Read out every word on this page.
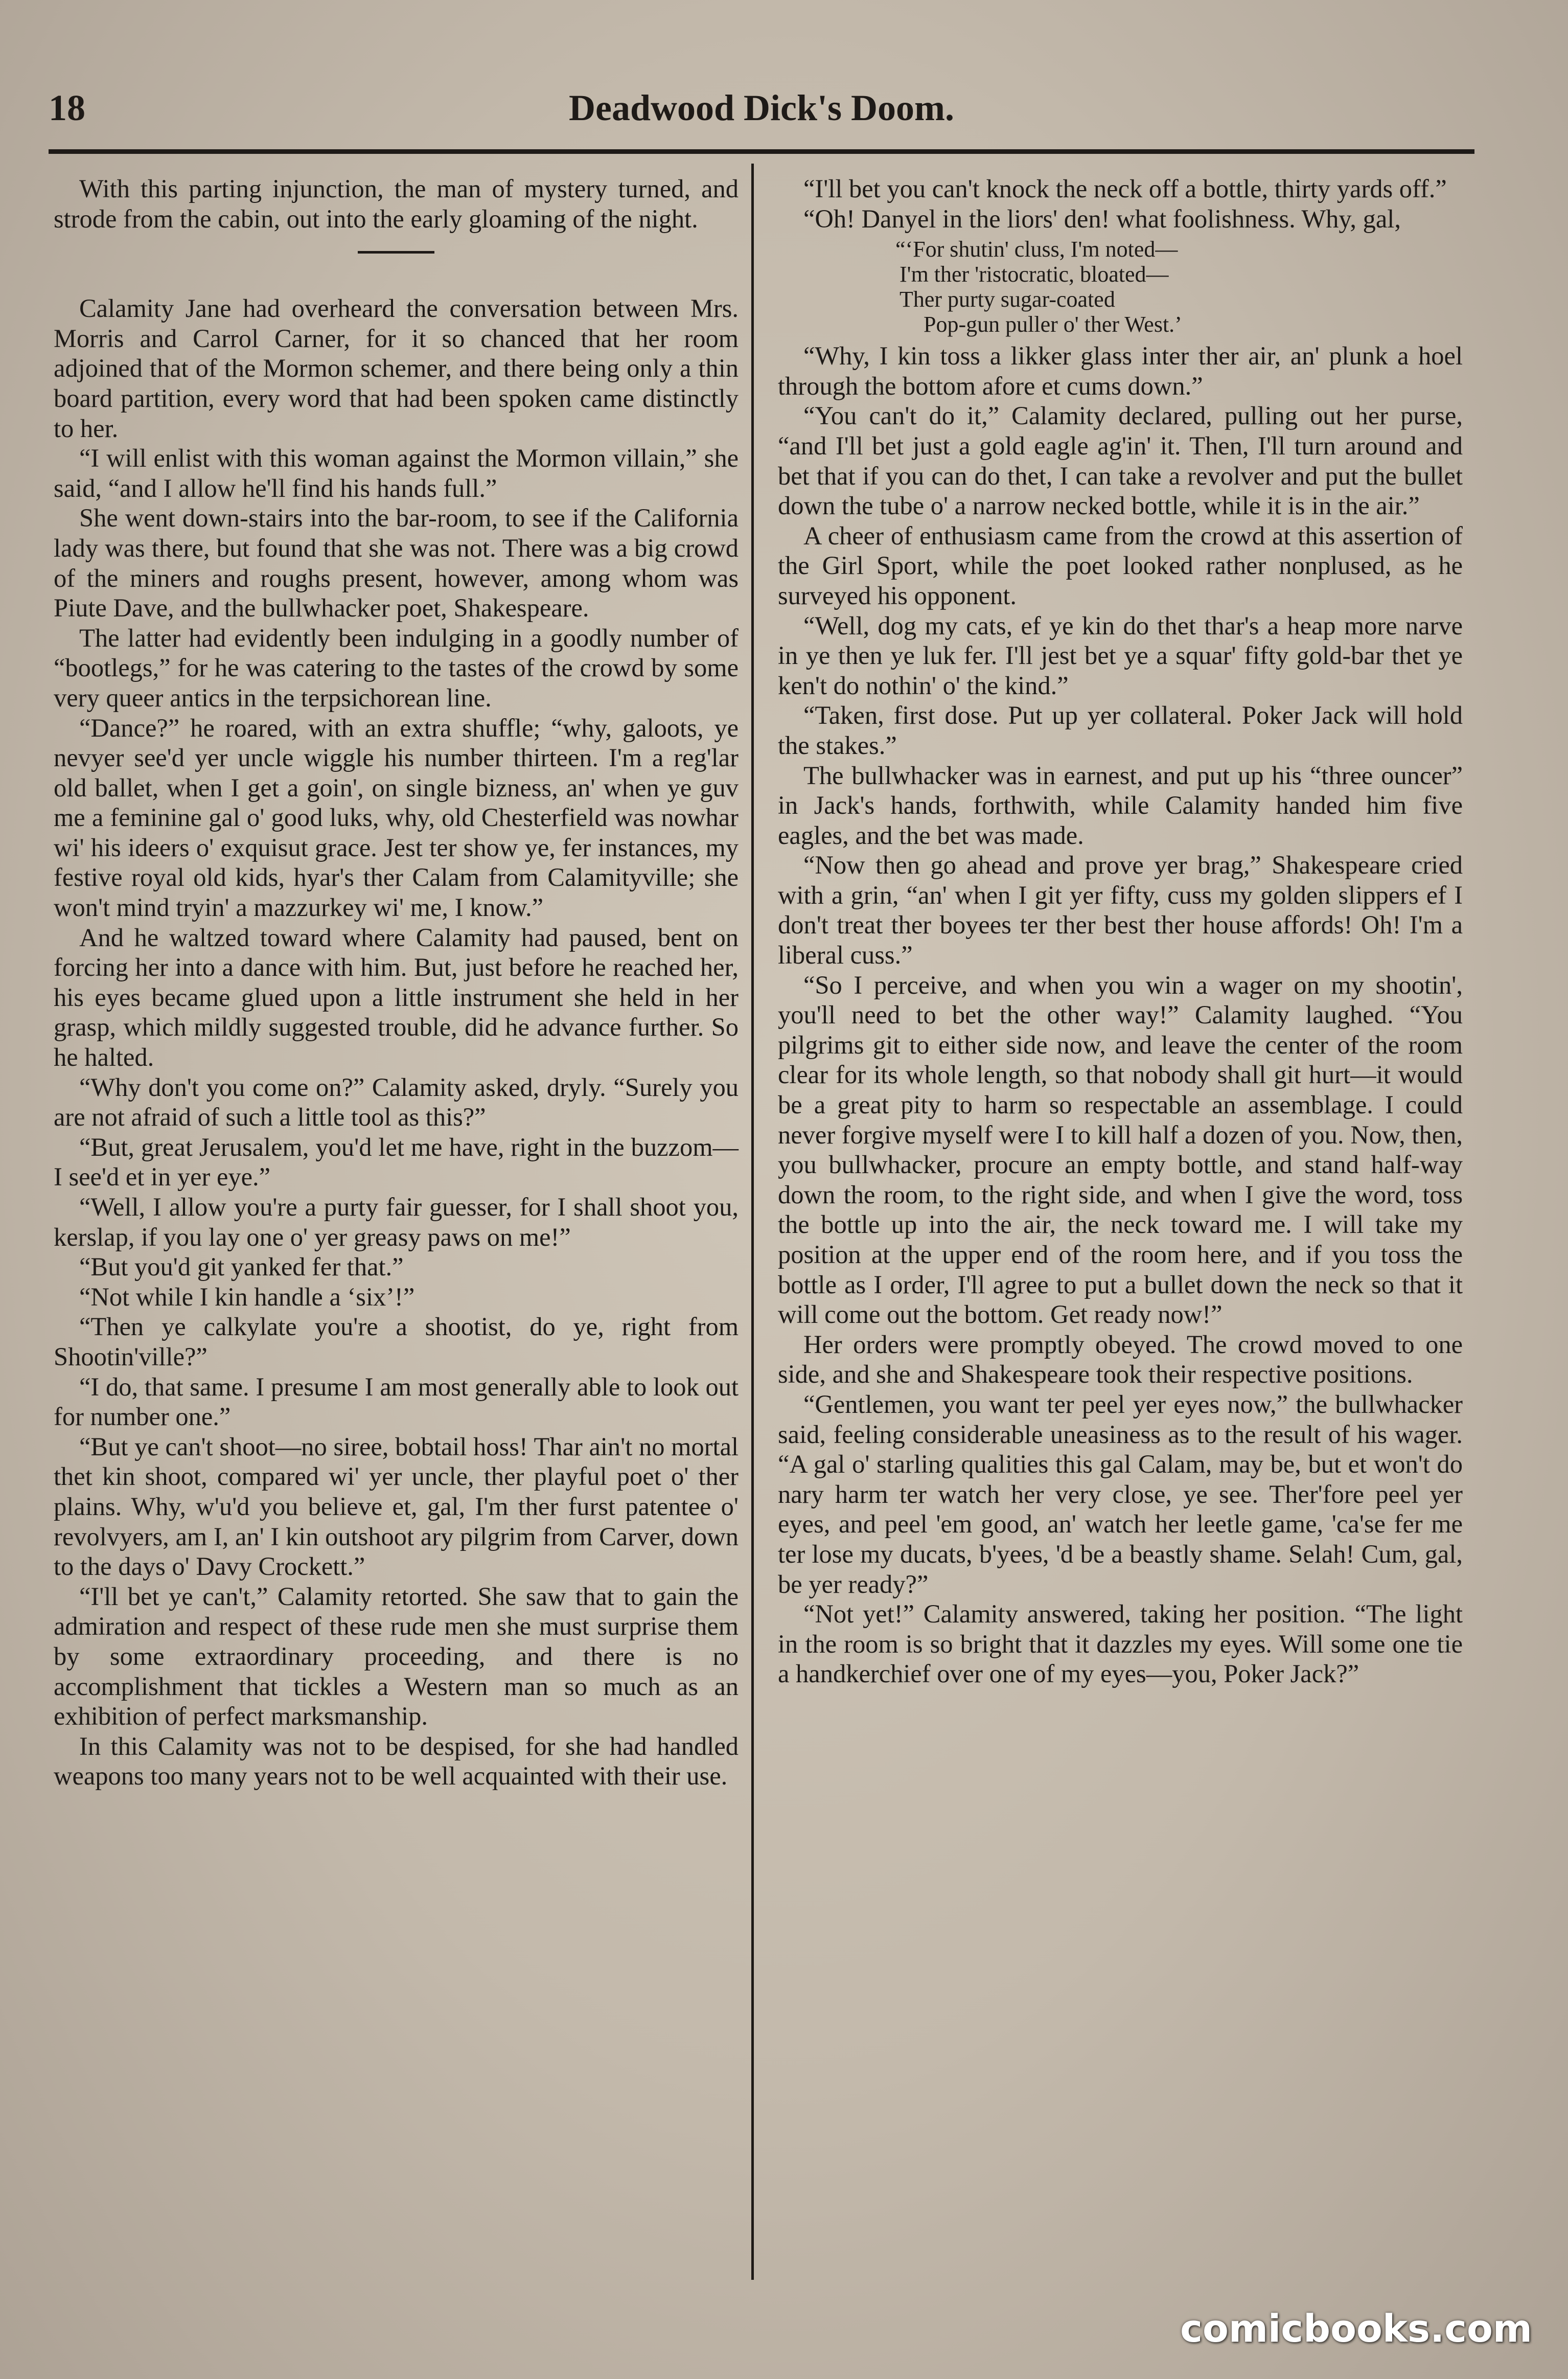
18	Deadwood Dick's Doom.

With this parting injunction, the man of mystery turned, and strode from the cabin, out into the early gloaming of the night.

Calamity Jane had overheard the conversation between Mrs. Morris and Carrol Carner, for it so chanced that her room adjoined that of the Mormon schemer, and there being only a thin board partition, every word that had been spoken came distinctly to her.

“I will enlist with this woman against the Mormon villain,” she said, “and I allow he'll find his hands full.”

She went down-stairs into the bar-room, to see if the California lady was there, but found that she was not. There was a big crowd of the miners and roughs present, however, among whom was Piute Dave, and the bullwhacker poet, Shakespeare.

The latter had evidently been indulging in a goodly number of “bootlegs,” for he was catering to the tastes of the crowd by some very queer antics in the terpsichorean line.

“Dance?” he roared, with an extra shuffle; “why, galoots, ye nevyer see'd yer uncle wiggle his number thirteen. I'm a reg'lar old ballet, when I get a goin', on single bizness, an' when ye guv me a feminine gal o' good luks, why, old Chesterfield was nowhar wi' his ideers o' exquisut grace. Jest ter show ye, fer instances, my festive royal old kids, hyar's ther Calam from Calamityville; she won't mind tryin' a mazzurkey wi' me, I know.”

And he waltzed toward where Calamity had paused, bent on forcing her into a dance with him. But, just before he reached her, his eyes became glued upon a little instrument she held in her grasp, which mildly suggested trouble, did he advance further. So he halted.

“Why don't you come on?” Calamity asked, dryly. “Surely you are not afraid of such a little tool as this?”

“But, great Jerusalem, you'd let me have, right in the buzzom—I see'd et in yer eye.”

“Well, I allow you're a purty fair guesser, for I shall shoot you, kerslap, if you lay one o' yer greasy paws on me!”

“But you'd git yanked fer that.”

“Not while I kin handle a ‘six’!”

“Then ye calkylate you're a shootist, do ye, right from Shootin'ville?”

“I do, that same. I presume I am most generally able to look out for number one.”

“But ye can't shoot—no siree, bobtail hoss! Thar ain't no mortal thet kin shoot, compared wi' yer uncle, ther playful poet o' ther plains. Why, w'u'd you believe et, gal, I'm ther furst patentee o' revolvyers, am I, an' I kin outshoot ary pilgrim from Carver, down to the days o' Davy Crockett.”

“I'll bet ye can't,” Calamity retorted. She saw that to gain the admiration and respect of these rude men she must surprise them by some extraordinary proceeding, and there is no accomplishment that tickles a Western man so much as an exhibition of perfect marksmanship.

In this Calamity was not to be despised, for she had handled weapons too many years not to be well acquainted with their use.

“I'll bet you can't knock the neck off a bottle, thirty yards off.”

“Oh! Danyel in the liors' den! what foolishness. Why, gal,

“‘For shutin' cluss, I'm noted—
I'm ther 'ristocratic, bloated—
Ther purty sugar-coated
Pop-gun puller o' ther West.’

“Why, I kin toss a likker glass inter ther air, an' plunk a hoel through the bottom afore et cums down.”

“You can't do it,” Calamity declared, pulling out her purse, “and I'll bet just a gold eagle ag'in' it. Then, I'll turn around and bet that if you can do thet, I can take a revolver and put the bullet down the tube o' a narrow necked bottle, while it is in the air.”

A cheer of enthusiasm came from the crowd at this assertion of the Girl Sport, while the poet looked rather nonplused, as he surveyed his opponent.

“Well, dog my cats, ef ye kin do thet thar's a heap more narve in ye then ye luk fer. I'll jest bet ye a squar' fifty gold-bar thet ye ken't do nothin' o' the kind.”

“Taken, first dose. Put up yer collateral. Poker Jack will hold the stakes.”

The bullwhacker was in earnest, and put up his “three ouncer” in Jack's hands, forthwith, while Calamity handed him five eagles, and the bet was made.

“Now then go ahead and prove yer brag,” Shakespeare cried with a grin, “an' when I git yer fifty, cuss my golden slippers ef I don't treat ther boyees ter ther best ther house affords! Oh! I'm a liberal cuss.”

“So I perceive, and when you win a wager on my shootin', you'll need to bet the other way!” Calamity laughed. “You pilgrims git to either side now, and leave the center of the room clear for its whole length, so that nobody shall git hurt—it would be a great pity to harm so respectable an assemblage. I could never forgive myself were I to kill half a dozen of you. Now, then, you bullwhacker, procure an empty bottle, and stand half-way down the room, to the right side, and when I give the word, toss the bottle up into the air, the neck toward me. I will take my position at the upper end of the room here, and if you toss the bottle as I order, I'll agree to put a bullet down the neck so that it will come out the bottom. Get ready now!”

Her orders were promptly obeyed. The crowd moved to one side, and she and Shakespeare took their respective positions.

“Gentlemen, you want ter peel yer eyes now,” the bullwhacker said, feeling considerable uneasiness as to the result of his wager. “A gal o' starling qualities this gal Calam, may be, but et won't do nary harm ter watch her very close, ye see. Ther'fore peel yer eyes, and peel 'em good, an' watch her leetle game, 'ca'se fer me ter lose my ducats, b'yees, 'd be a beastly shame. Selah! Cum, gal, be yer ready?”

“Not yet!” Calamity answered, taking her position. “The light in the room is so bright that it dazzles my eyes. Will some one tie a handkerchief over one of my eyes—you, Poker Jack?”

comicbooks.com
